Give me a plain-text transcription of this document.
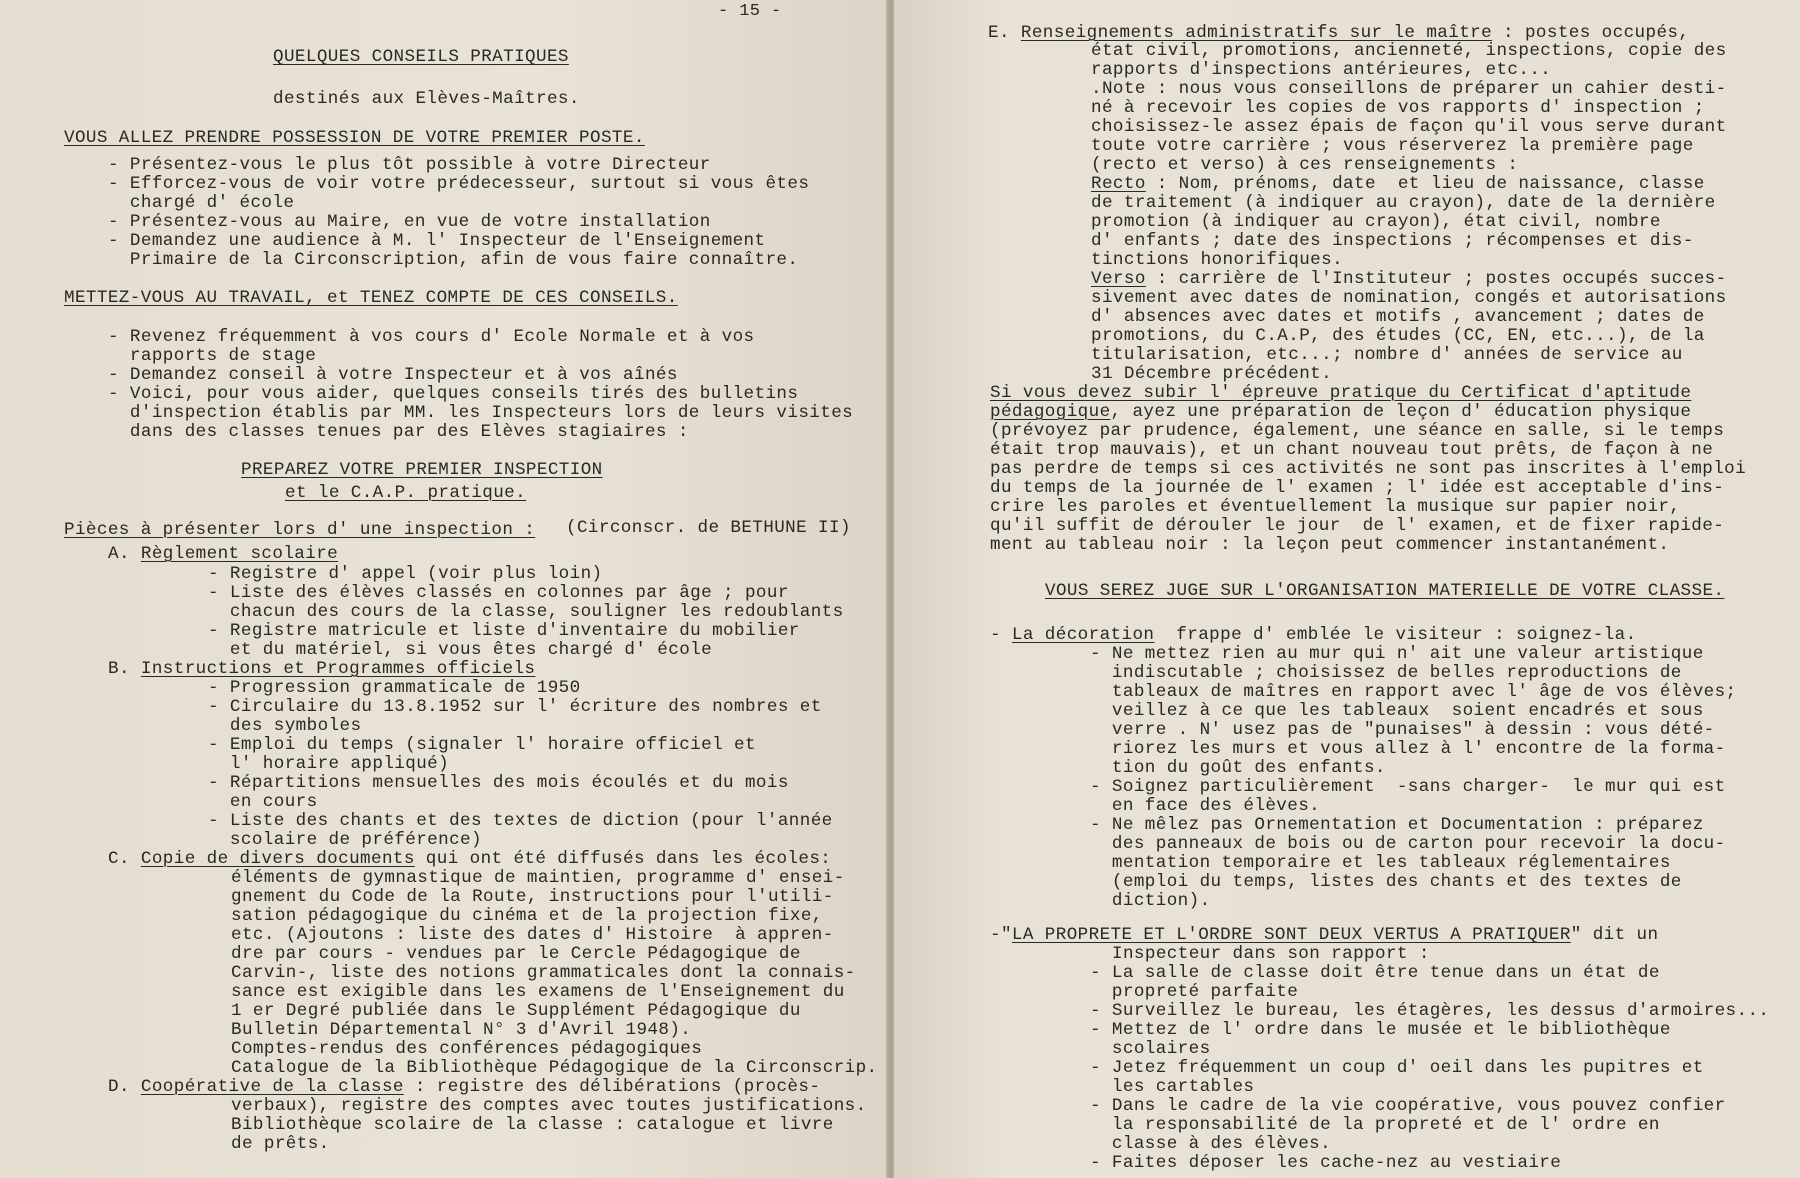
- 15 -
QUELQUES CONSEILS PRATIQUES
destinés aux Elèves-Maîtres.
VOUS ALLEZ PRENDRE POSSESSION DE VOTRE PREMIER POSTE.
- Présentez-vous le plus tôt possible à votre Directeur
- Efforcez-vous de voir votre prédecesseur, surtout si vous êtes
chargé d' école
- Présentez-vous au Maire, en vue de votre installation
- Demandez une audience à M. l' Inspecteur de l'Enseignement
Primaire de la Circonscription, afin de vous faire connaître.
METTEZ-VOUS AU TRAVAIL, et TENEZ COMPTE DE CES CONSEILS.
- Revenez fréquemment à vos cours d' Ecole Normale et à vos
rapports de stage
- Demandez conseil à votre Inspecteur et à vos aînés
- Voici, pour vous aider, quelques conseils tirés des bulletins
d'inspection établis par MM. les Inspecteurs lors de leurs visites
dans des classes tenues par des Elèves stagiaires :
PREPAREZ VOTRE PREMIER INSPECTION
et le C.A.P. pratique.
Pièces à présenter lors d' une inspection : (Circonscr. de BETHUNE II)
A. Règlement scolaire
- Registre d' appel (voir plus loin)
- Liste des élèves classés en colonnes par âge ; pour
chacun des cours de la classe, souligner les redoublants
- Registre matricule et liste d'inventaire du mobilier
et du matériel, si vous êtes chargé d' école
B. Instructions et Programmes officiels
- Progression grammaticale de 1950
- Circulaire du 13.8.1952 sur l' écriture des nombres et
des symboles
- Emploi du temps (signaler l' horaire officiel et
l' horaire appliqué)
- Répartitions mensuelles des mois écoulés et du mois
en cours
- Liste des chants et des textes de diction (pour l'année
scolaire de préférence)
C. Copie de divers documents qui ont été diffusés dans les écoles:
éléments de gymnastique de maintien, programme d' ensei-
gnement du Code de la Route, instructions pour l'utili-
sation pédagogique du cinéma et de la projection fixe,
etc. (Ajoutons : liste des dates d' Histoire  à appren-
dre par cours - vendues par le Cercle Pédagogique de
Carvin-, liste des notions grammaticales dont la connais-
sance est exigible dans les examens de l'Enseignement du
1 er Degré publiée dans le Supplément Pédagogique du
Bulletin Départemental N° 3 d'Avril 1948).
Comptes-rendus des conférences pédagogiques
Catalogue de la Bibliothèque Pédagogique de la Circonscrip.
D. Coopérative de la classe : registre des délibérations (procès-
verbaux), registre des comptes avec toutes justifications.
Bibliothèque scolaire de la classe : catalogue et livre
de prêts.
E. Renseignements administratifs sur le maître : postes occupés,
état civil, promotions, ancienneté, inspections, copie des
rapports d'inspections antérieures, etc...
.Note : nous vous conseillons de préparer un cahier desti-
né à recevoir les copies de vos rapports d' inspection ;
choisissez-le assez épais de façon qu'il vous serve durant
toute votre carrière ; vous réserverez la première page
(recto et verso) à ces renseignements :
Recto : Nom, prénoms, date  et lieu de naissance, classe
de traitement (à indiquer au crayon), date de la dernière
promotion (à indiquer au crayon), état civil, nombre
d' enfants ; date des inspections ; récompenses et dis-
tinctions honorifiques.
Verso : carrière de l'Instituteur ; postes occupés succes-
sivement avec dates de nomination, congés et autorisations
d' absences avec dates et motifs , avancement ; dates de
promotions, du C.A.P, des études (CC, EN, etc...), de la
titularisation, etc...; nombre d' années de service au
31 Décembre précédent.
Si vous devez subir l' épreuve pratique du Certificat d'aptitude
pédagogique, ayez une préparation de leçon d' éducation physique
(prévoyez par prudence, également, une séance en salle, si le temps
était trop mauvais), et un chant nouveau tout prêts, de façon à ne
pas perdre de temps si ces activités ne sont pas inscrites à l'emploi
du temps de la journée de l' examen ; l' idée est acceptable d'ins-
crire les paroles et éventuellement la musique sur papier noir,
qu'il suffit de dérouler le jour  de l' examen, et de fixer rapide-
ment au tableau noir : la leçon peut commencer instantanément.
VOUS SEREZ JUGE SUR L'ORGANISATION MATERIELLE DE VOTRE CLASSE.
- La décoration  frappe d' emblée le visiteur : soignez-la.
- Ne mettez rien au mur qui n' ait une valeur artistique
indiscutable ; choisissez de belles reproductions de
tableaux de maîtres en rapport avec l' âge de vos élèves;
veillez à ce que les tableaux  soient encadrés et sous
verre . N' usez pas de "punaises" à dessin : vous dété-
riorez les murs et vous allez à l' encontre de la forma-
tion du goût des enfants.
- Soignez particulièrement  -sans charger-  le mur qui est
en face des élèves.
- Ne mêlez pas Ornementation et Documentation : préparez
des panneaux de bois ou de carton pour recevoir la docu-
mentation temporaire et les tableaux réglementaires
(emploi du temps, listes des chants et des textes de
diction).
-"LA PROPRETE ET L'ORDRE SONT DEUX VERTUS A PRATIQUER" dit un
Inspecteur dans son rapport :
- La salle de classe doit être tenue dans un état de
propreté parfaite
- Surveillez le bureau, les étagères, les dessus d'armoires...
- Mettez de l' ordre dans le musée et le bibliothèque
scolaires
- Jetez fréquemment un coup d' oeil dans les pupitres et
les cartables
- Dans le cadre de la vie coopérative, vous pouvez confier
la responsabilité de la propreté et de l' ordre en
classe à des élèves.
- Faites déposer les cache-nez au vestiaire
